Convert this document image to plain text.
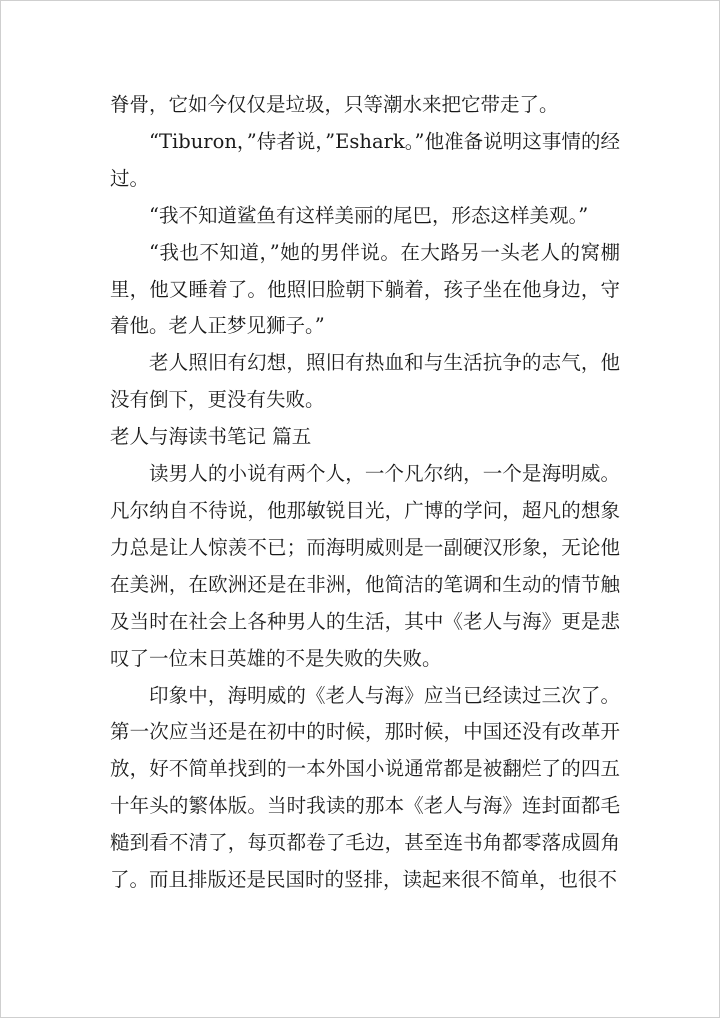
脊骨，它如今仅仅是垃圾，只等潮水来把它带走了。

“Tiburon，”侍者说，”Eshark。”他准备说明这事情的经过。

“我不知道鲨鱼有这样美丽的尾巴，形态这样美观。”

“我也不知道，”她的男伴说。在大路另一头老人的窝棚里，他又睡着了。他照旧脸朝下躺着，孩子坐在他身边，守着他。老人正梦见狮子。”

老人照旧有幻想，照旧有热血和与生活抗争的志气，他没有倒下，更没有失败。

老人与海读书笔记 篇五

读男人的小说有两个人，一个凡尔纳，一个是海明威。凡尔纳自不待说，他那敏锐目光，广博的学问，超凡的想象力总是让人惊羡不已；而海明威则是一副硬汉形象，无论他在美洲，在欧洲还是在非洲，他简洁的笔调和生动的情节触及当时在社会上各种男人的生活，其中《老人与海》更是悲叹了一位末日英雄的不是失败的失败。

印象中，海明威的《老人与海》应当已经读过三次了。第一次应当还是在初中的时候，那时候，中国还没有改革开放，好不简单找到的一本外国小说通常都是被翻烂了的四五十年头的繁体版。当时我读的那本《老人与海》连封面都毛糙到看不清了，每页都卷了毛边，甚至连书角都零落成圆角了。而且排版还是民国时的竖排，读起来很不简单，也很不
